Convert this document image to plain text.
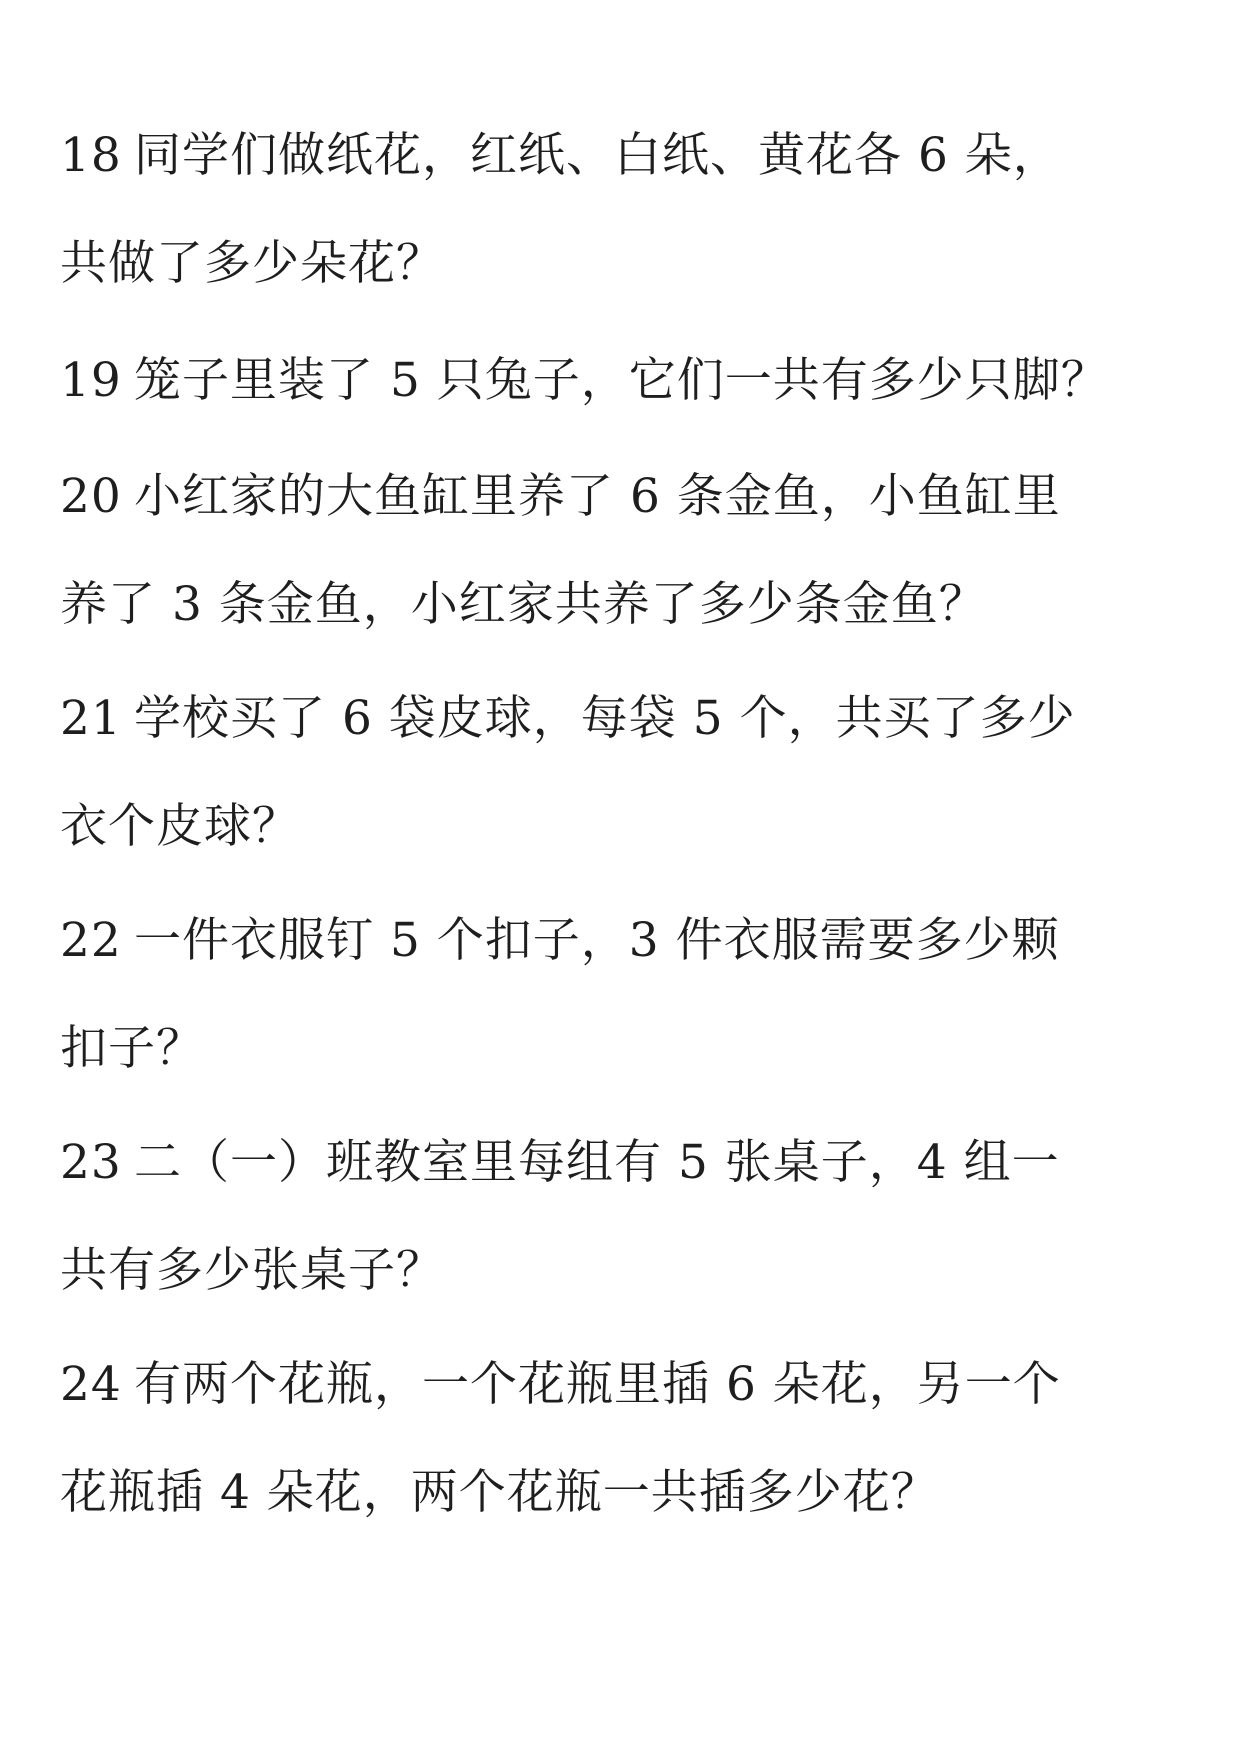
18 同学们做纸花，红纸、白纸、黄花各 6 朵，
共做了多少朵花？
19 笼子里装了 5 只兔子，它们一共有多少只脚？
20 小红家的大鱼缸里养了 6 条金鱼，小鱼缸里
养了 3 条金鱼，小红家共养了多少条金鱼？
21 学校买了 6 袋皮球，每袋 5 个，共买了多少
衣个皮球？
22 一件衣服钉 5 个扣子，3 件衣服需要多少颗
扣子？
23 二（一）班教室里每组有 5 张桌子，4 组一
共有多少张桌子？
24 有两个花瓶，一个花瓶里插 6 朵花，另一个
花瓶插 4 朵花，两个花瓶一共插多少花？
